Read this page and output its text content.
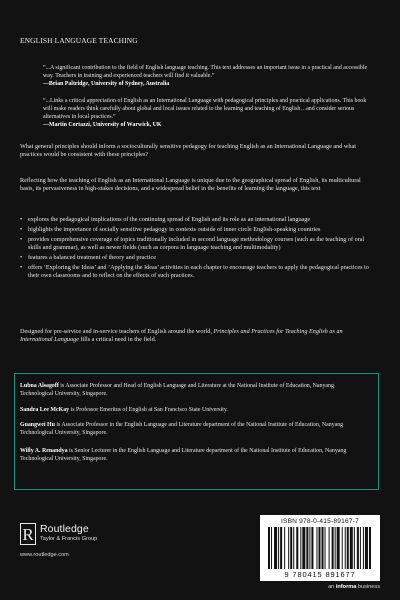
ENGLISH LANGUAGE TEACHING
“...A significant contribution to the field of English language teaching. This text addresses an important issue in a practical and accessible way. Teachers in training and experienced teachers will find it valuable.”
—Brian Paltridge, University of Sydney, Australia
“...Links a critical appreciation of English as an International Language with pedagogical principles and practical applications. This book will make readers think carefully about global and local issues related to the learning and teaching of English…and consider serious alternatives in local practices.”
—Martin Cortazzi, University of Warwick, UK
What general principles should inform a socioculturally sensitive pedagogy for teaching English as an International Language and what practices would be consistent with these principles?
Reflecting how the teaching of English as an International Language is unique due to the geographical spread of English, its multicultural basis, its pervasiveness in high-stakes decisions, and a widespread belief in the benefits of learning the language, this text
• explores the pedagogical implications of the continuing spread of English and its role as an international language
• highlights the importance of socially sensitive pedagogy in contexts outside of inner circle English-speaking countries
• provides comprehensive coverage of topics traditionally included in second language methodology courses (such as the teaching of oral skills and grammar), as well as newer fields (such as corpora in language teaching and multimodality)
• features a balanced treatment of theory and practice
• offers ‘Exploring the Ideas’ and ‘Applying the Ideas’ activities in each chapter to encourage teachers to apply the pedagogical practices to their own classrooms and to reflect on the effects of such practices.
Designed for pre-service and in-service teachers of English around the world, Principles and Practices for Teaching English as an International Language fills a critical need in the field.
Lubna Alsagoff is Associate Professor and Head of English Language and Literature at the National Institute of Education, Nanyang Technological University, Singapore.
Sandra Lee McKay is Professor Emeritus of English at San Francisco State University.
Guangwei Hu is Associate Professor in the English Language and Literature department of the National Institute of Education, Nanyang Technological University, Singapore.
Willy A. Renandya is Senior Lecturer in the English Language and Literature department of the National Institute of Education, Nanyang Technological University, Singapore.
R Routledge
Taylor & Francis Group
www.routledge.com
ISBN 978-0-415-89167-7
9 780415 891677
an informa business
